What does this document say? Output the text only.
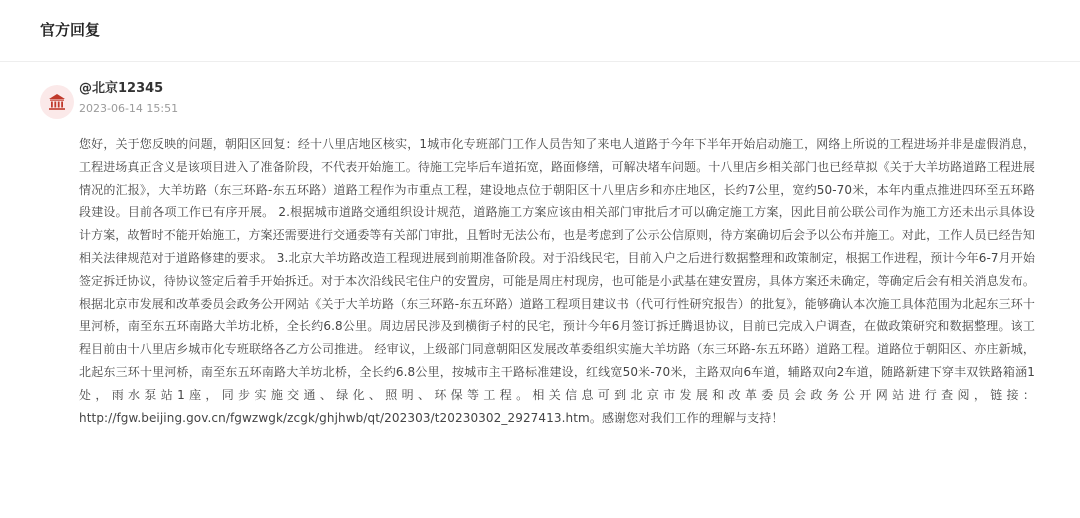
官方回复
@北京12345
2023-06-14 15:51

您好，关于您反映的问题，朝阳区回复：经十八里店地区核实，1城市化专班部门工作人员告知了来电人道路于今年下半年开始启动施工，网络上所说的工程进场并非是虚假消息，工程进场真正含义是该项目进入了准备阶段，不代表开始施工。待施工完毕后车道拓宽，路面修缮，可解决堵车问题。十八里店乡相关部门也已经草拟《关于大羊坊路道路工程进展情况的汇报》，大羊坊路（东三环路-东五环路）道路工程作为市重点工程，建设地点位于朝阳区十八里店乡和亦庄地区，长约7公里，宽约50-70米，本年内重点推进四环至五环路段建设。目前各项工作已有序开展。 2.根据城市道路交通组织设计规范，道路施工方案应该由相关部门审批后才可以确定施工方案，因此目前公联公司作为施工方还未出示具体设计方案，故暂时不能开始施工，方案还需要进行交通委等有关部门审批，且暂时无法公布，也是考虑到了公示公信原则，待方案确切后会予以公布并施工。对此，工作人员已经告知相关法律规范对于道路修建的要求。 3.北京大羊坊路改造工程现进展到前期准备阶段。对于沿线民宅，目前入户之后进行数据整理和政策制定，根据工作进程，预计今年6-7月开始签定拆迁协议，待协议签定后着手开始拆迁。对于本次沿线民宅住户的安置房，可能是周庄村现房，也可能是小武基在建安置房，具体方案还未确定，等确定后会有相关消息发布。根据北京市发展和改革委员会政务公开网站《关于大羊坊路（东三环路-东五环路）道路工程项目建议书（代可行性研究报告）的批复》，能够确认本次施工具体范围为北起东三环十里河桥，南至东五环南路大羊坊北桥，全长约6.8公里。周边居民涉及到横街子村的民宅，预计今年6月签订拆迁腾退协议，目前已完成入户调查，在做政策研究和数据整理。该工程目前由十八里店乡城市化专班联络各乙方公司推进。 经审议，上级部门同意朝阳区发展改革委组织实施大羊坊路（东三环路-东五环路）道路工程。道路位于朝阳区、亦庄新城，北起东三环十里河桥，南至东五环南路大羊坊北桥，全长约6.8公里，按城市主干路标准建设，红线宽50米-70米，主路双向6车道，辅路双向2车道，随路新建下穿丰双铁路箱涵1处，雨水泵站1座，同步实施交通、绿化、照明、环保等工程。相关信息可到北京市发展和改革委员会政务公开网站进行查阅，链接：http://fgw.beijing.gov.cn/fgwzwgk/zcgk/ghjhwb/qt/202303/t20230302_2927413.htm。感谢您对我们工作的理解与支持！
